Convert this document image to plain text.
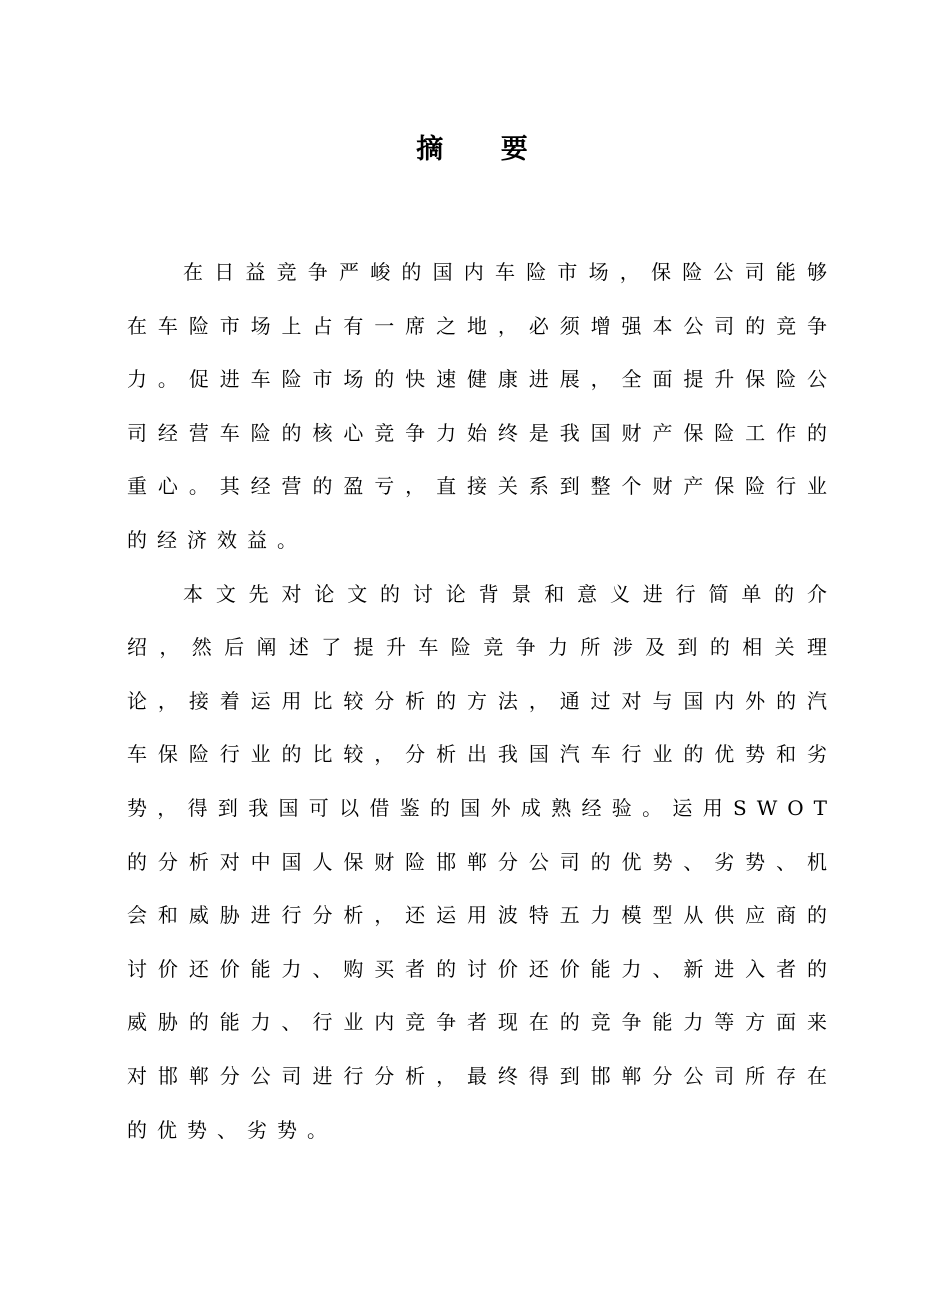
摘 要

在日益竞争严峻的国内车险市场，保险公司能够在车险市场上占有一席之地，必须增强本公司的竞争力。促进车险市场的快速健康进展，全面提升保险公司经营车险的核心竞争力始终是我国财产保险工作的重心。其经营的盈亏，直接关系到整个财产保险行业的经济效益。

本文先对论文的讨论背景和意义进行简单的介绍，然后阐述了提升车险竞争力所涉及到的相关理论，接着运用比较分析的方法，通过对与国内外的汽车保险行业的比较，分析出我国汽车行业的优势和劣势，得到我国可以借鉴的国外成熟经验。运用SWOT的分析对中国人保财险邯郸分公司的优势、劣势、机会和威胁进行分析，还运用波特五力模型从供应商的讨价还价能力、购买者的讨价还价能力、新进入者的威胁的能力、行业内竞争者现在的竞争能力等方面来对邯郸分公司进行分析，最终得到邯郸分公司所存在的优势、劣势。
